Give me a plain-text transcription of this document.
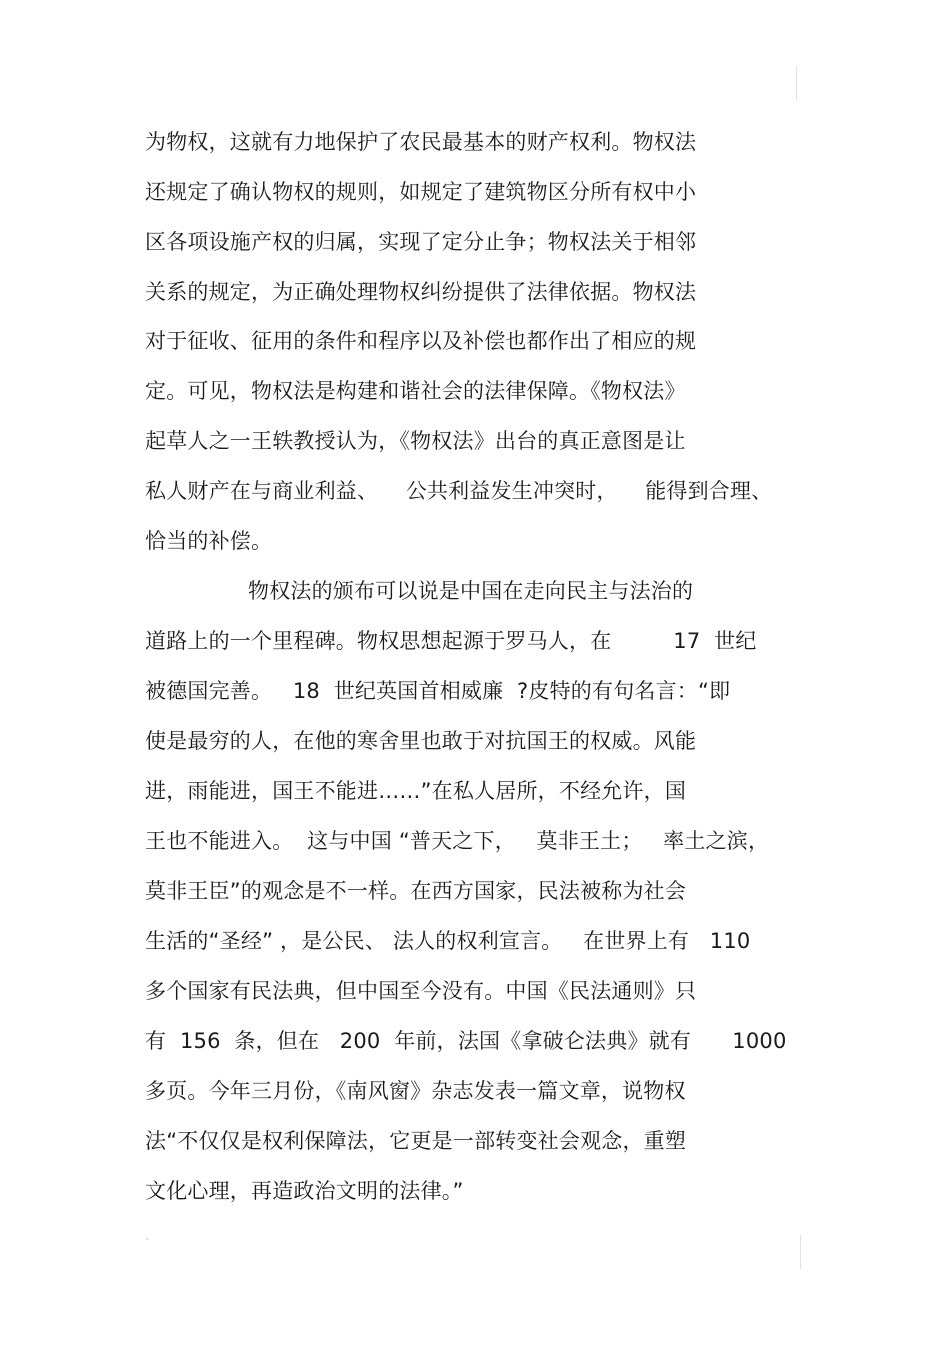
为物权，这就有力地保护了农民最基本的财产权利。物权法
还规定了确认物权的规则，如规定了建筑物区分所有权中小
区各项设施产权的归属，实现了定分止争；物权法关于相邻
关系的规定，为正确处理物权纠纷提供了法律依据。物权法
对于征收、征用的条件和程序以及补偿也都作出了相应的规
定。可见，物权法是构建和谐社会的法律保障。《物权法》
起草人之一王轶教授认为，《物权法》出台的真正意图是让
私人财产在与商业利益、    公共利益发生冲突时，    能得到合理、
恰当的补偿。
物权法的颁布可以说是中国在走向民主与法治的
道路上的一个里程碑。物权思想起源于罗马人，在         17  世纪
被德国完善。   18  世纪英国首相威廉  ?皮特的有句名言：“即
使是最穷的人，在他的寒舍里也敢于对抗国王的权威。风能
进，雨能进，国王不能进……”在私人居所，不经允许，国
王也不能进入。  这与中国 “普天之下，   莫非王土；   率土之滨，
莫非王臣”的观念是不一样。在西方国家，民法被称为社会
生活的“圣经” ，是公民、 法人的权利宣言。   在世界上有   110
多个国家有民法典，但中国至今没有。中国《民法通则》只
有  156  条，但在   200  年前，法国《拿破仑法典》就有      1000
多页。今年三月份，《南风窗》杂志发表一篇文章，说物权
法“不仅仅是权利保障法，它更是一部转变社会观念，重塑
文化心理，再造政治文明的法律。”
